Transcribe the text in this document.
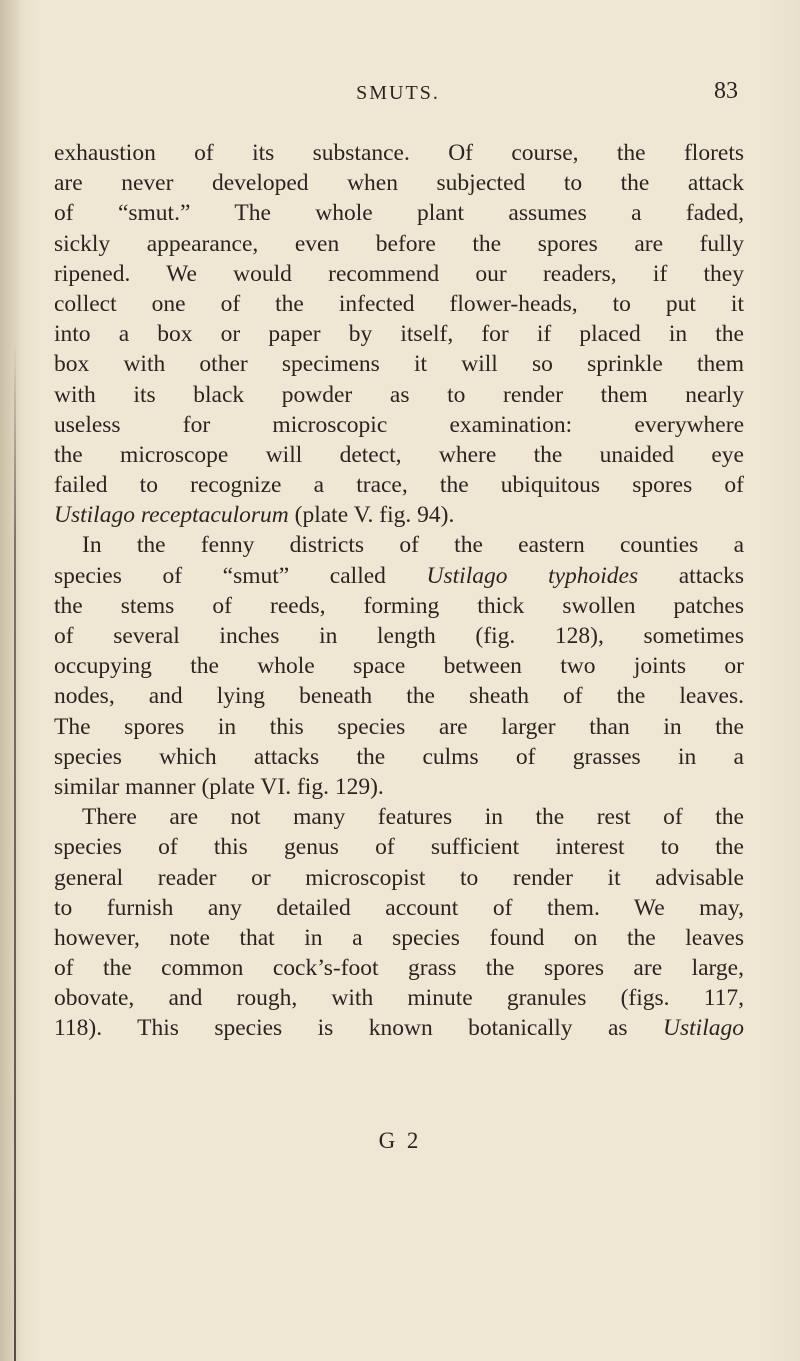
SMUTS.	83
exhaustion of its substance. Of course, the florets
are never developed when subjected to the attack
of “smut.” The whole plant assumes a faded,
sickly appearance, even before the spores are fully
ripened. We would recommend our readers, if they
collect one of the infected flower-heads, to put it
into a box or paper by itself, for if placed in the
box with other specimens it will so sprinkle them
with its black powder as to render them nearly
useless for microscopic examination: everywhere
the microscope will detect, where the unaided eye
failed to recognize a trace, the ubiquitous spores of
Ustilago receptaculorum (plate V. fig. 94).
In the fenny districts of the eastern counties a
species of “smut” called Ustilago typhoides attacks
the stems of reeds, forming thick swollen patches
of several inches in length (fig. 128), sometimes
occupying the whole space between two joints or
nodes, and lying beneath the sheath of the leaves.
The spores in this species are larger than in the
species which attacks the culms of grasses in a
similar manner (plate VI. fig. 129).
There are not many features in the rest of the
species of this genus of sufficient interest to the
general reader or microscopist to render it advisable
to furnish any detailed account of them. We may,
however, note that in a species found on the leaves
of the common cock’s-foot grass the spores are large,
obovate, and rough, with minute granules (figs. 117,
118). This species is known botanically as Ustilago
G 2
